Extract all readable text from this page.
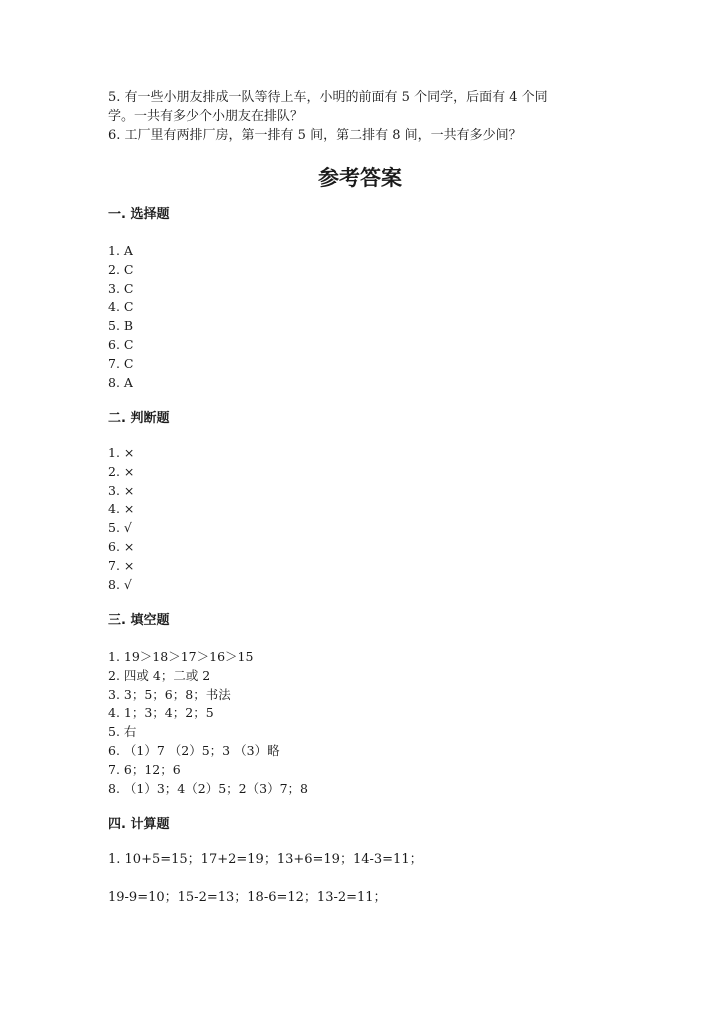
5. 有一些小朋友排成一队等待上车，小明的前面有 5 个同学，后面有 4 个同
学。一共有多少个小朋友在排队？
6. 工厂里有两排厂房，第一排有 5 间，第二排有 8 间，一共有多少间？
参考答案
一. 选择题
1. A
2. C
3. C
4. C
5. B
6. C
7. C
8. A
二. 判断题
1. ×
2. ×
3. ×
4. ×
5. √
6. ×
7. ×
8. √
三. 填空题
1. 19＞18＞17＞16＞15
2. 四或 4；二或 2
3. 3；5；6；8；书法
4. 1；3；4；2；5
5. 右
6. （1）7 （2）5；3 （3）略
7. 6；12；6
8. （1）3；4（2）5；2（3）7；8
四. 计算题
1. 10+5=15；17+2=19；13+6=19；14-3=11；
19-9=10；15-2=13；18-6=12；13-2=11；
